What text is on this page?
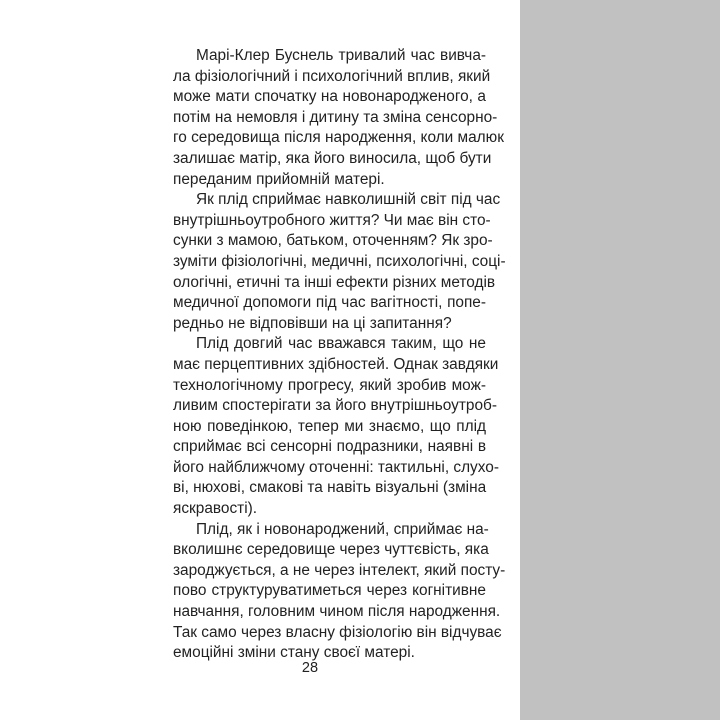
Марі-Клер Буснель тривалий час вивча-
ла фізіологічний і психологічний вплив, який
може мати спочатку на новонародженого, а
потім на немовля і дитину та зміна сенсорно-
го середовища після народження, коли малюк
залишає матір, яка його виносила, щоб бути
переданим прийомній матері.
Як плід сприймає навколишній світ під час
внутрішньоутробного життя? Чи має він сто-
сунки з мамою, батьком, оточенням? Як зро-
зуміти фізіологічні, медичні, психологічні, соці-
ологічні, етичні та інші ефекти різних методів
медичної допомоги під час вагітності, попе-
редньо не відповівши на ці запитання?
Плід довгий час вважався таким, що не
має перцептивних здібностей. Однак завдяки
технологічному прогресу, який зробив мож-
ливим спостерігати за його внутрішньоутроб-
ною поведінкою, тепер ми знаємо, що плід
сприймає всі сенсорні подразники, наявні в
його найближчому оточенні: тактильні, слухо-
ві, нюхові, смакові та навіть візуальні (зміна
яскравості).
Плід, як і новонароджений, сприймає на-
вколишнє середовище через чуттєвість, яка
зароджується, а не через інтелект, який посту-
пово структуруватиметься через когнітивне
навчання, головним чином після народження.
Так само через власну фізіологію він відчуває
емоційні зміни стану своєї матері.
28
